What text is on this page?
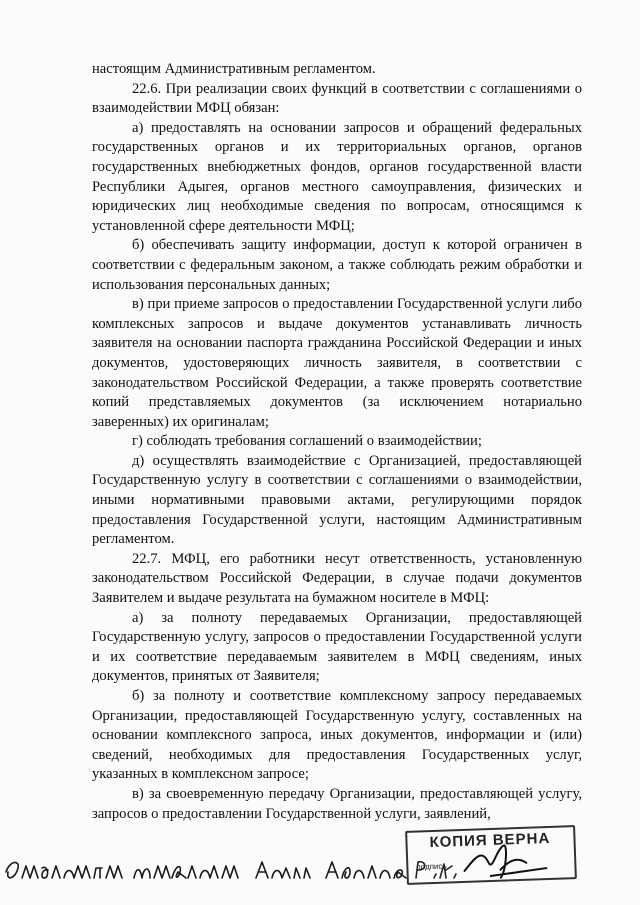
настоящим Административным регламентом.

22.6. При реализации своих функций в соответствии с соглашениями о взаимодействии МФЦ обязан:

а) предоставлять на основании запросов и обращений федеральных государственных органов и их территориальных органов, органов государственных внебюджетных фондов, органов государственной власти Республики Адыгея, органов местного самоуправления, физических и юридических лиц необходимые сведения по вопросам, относящимся к установленной сфере деятельности МФЦ;

б) обеспечивать защиту информации, доступ к которой ограничен в соответствии с федеральным законом, а также соблюдать режим обработки и использования персональных данных;

в) при приеме запросов о предоставлении Государственной услуги либо комплексных запросов и выдаче документов устанавливать личность заявителя на основании паспорта гражданина Российской Федерации и иных документов, удостоверяющих личность заявителя, в соответствии с законодательством Российской Федерации, а также проверять соответствие копий представляемых документов (за исключением нотариально заверенных) их оригиналам;

г) соблюдать требования соглашений о взаимодействии;

д) осуществлять взаимодействие с Организацией, предоставляющей Государственную услугу в соответствии с соглашениями о взаимодействии, иными нормативными правовыми актами, регулирующими порядок предоставления Государственной услуги, настоящим Административным регламентом.

22.7. МФЦ, его работники несут ответственность, установленную законодательством Российской Федерации, в случае подачи документов Заявителем и выдаче результата на бумажном носителе в МФЦ:

а) за полноту передаваемых Организации, предоставляющей Государственную услугу, запросов о предоставлении Государственной услуги и их соответствие передаваемым заявителем в МФЦ сведениям, иных документов, принятых от Заявителя;

б) за полноту и соответствие комплексному запросу передаваемых Организации, предоставляющей Государственную услугу, составленных на основании комплексного запроса, иных документов, информации и (или) сведений, необходимых для предоставления Государственных услуг, указанных в комплексном запросе;

в) за своевременную передачу Организации, предоставляющей услугу, запросов о предоставлении Государственной услуги, заявлений,

КОПИЯ ВЕРНА
подпись
